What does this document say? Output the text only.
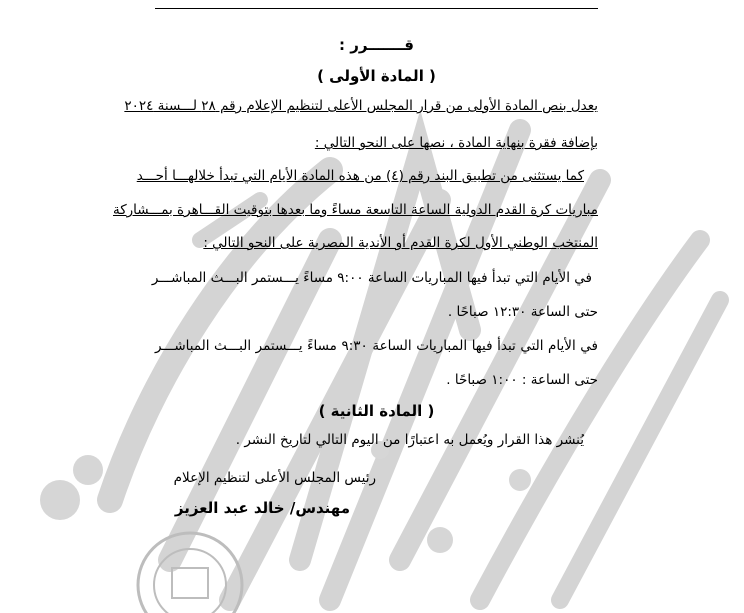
قـــــــرر :
( المادة الأولى )
يعدل بنص المادة الأولى من قرار المجلس الأعلى لتنظيم الإعلام رقم ٢٨ لـــسنة ٢٠٢٤
بإضافة فقرة بنهاية المادة ، نصها على النحو التالي :
كما يستثنى من تطبيق البند رقم (٤) من هذه المادة الأيام التي تبدأ خلالهـــا أحـــد
مباريات كرة القدم الدولية الساعة التاسعة مساءً وما بعدها بتوقيت القـــاهرة بمـــشاركة
المنتخب الوطني الأول لكرة القدم أو الأندية المصرية على النحو التالي :
في الأيام التي تبدأ فيها المباريات الساعة ٩:٠٠ مساءً يـــستمر البـــث المباشـــر
حتى الساعة ١٢:٣٠ صباحًا .
في الأيام التي تبدأ فيها المباريات الساعة ٩:٣٠ مساءً يـــستمر البـــث المباشـــر
حتى الساعة : ١:٠٠ صباحًا .
( المادة الثانية )
يُنشر هذا القرار ويُعمل به اعتبارًا من اليوم التالي لتاريخ النشر .
رئيس المجلس الأعلى لتنظيم الإعلام
مهندس/ خالد عبد العزيز
